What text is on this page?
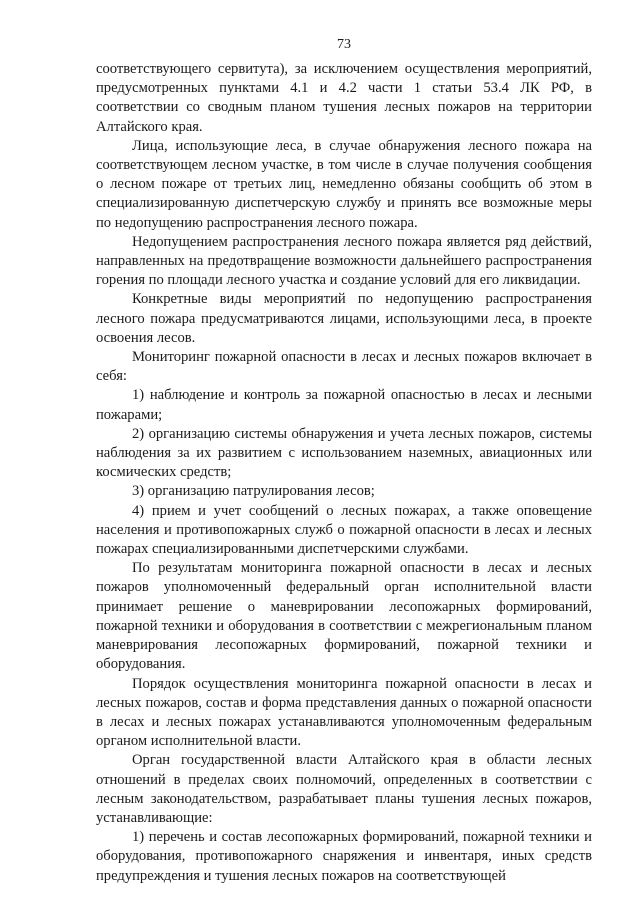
73

соответствующего сервитута), за исключением осуществления мероприятий, предусмотренных пунктами 4.1 и 4.2 части 1 статьи 53.4 ЛК РФ, в соответствии со сводным планом тушения лесных пожаров на территории Алтайского края.

Лица, использующие леса, в случае обнаружения лесного пожара на соответствующем лесном участке, в том числе в случае получения сообщения о лесном пожаре от третьих лиц, немедленно обязаны сообщить об этом в специализированную диспетчерскую службу и принять все возможные меры по недопущению распространения лесного пожара.

Недопущением распространения лесного пожара является ряд действий, направленных на предотвращение возможности дальнейшего распространения горения по площади лесного участка и создание условий для его ликвидации.

Конкретные виды мероприятий по недопущению распространения лесного пожара предусматриваются лицами, использующими леса, в проекте освоения лесов.

Мониторинг пожарной опасности в лесах и лесных пожаров включает в себя:

1) наблюдение и контроль за пожарной опасностью в лесах и лесными пожарами;

2) организацию системы обнаружения и учета лесных пожаров, системы наблюдения за их развитием с использованием наземных, авиационных или космических средств;

3) организацию патрулирования лесов;

4) прием и учет сообщений о лесных пожарах, а также оповещение населения и противопожарных служб о пожарной опасности в лесах и лесных пожарах специализированными диспетчерскими службами.

По результатам мониторинга пожарной опасности в лесах и лесных пожаров уполномоченный федеральный орган исполнительной власти принимает решение о маневрировании лесопожарных формирований, пожарной техники и оборудования в соответствии с межрегиональным планом маневрирования лесопожарных формирований, пожарной техники и оборудования.

Порядок осуществления мониторинга пожарной опасности в лесах и лесных пожаров, состав и форма представления данных о пожарной опасности в лесах и лесных пожарах устанавливаются уполномоченным федеральным органом исполнительной власти.

Орган государственной власти Алтайского края в области лесных отношений в пределах своих полномочий, определенных в соответствии с лесным законодательством, разрабатывает планы тушения лесных пожаров, устанавливающие:

1) перечень и состав лесопожарных формирований, пожарной техники и оборудования, противопожарного снаряжения и инвентаря, иных средств предупреждения и тушения лесных пожаров на соответствующей
